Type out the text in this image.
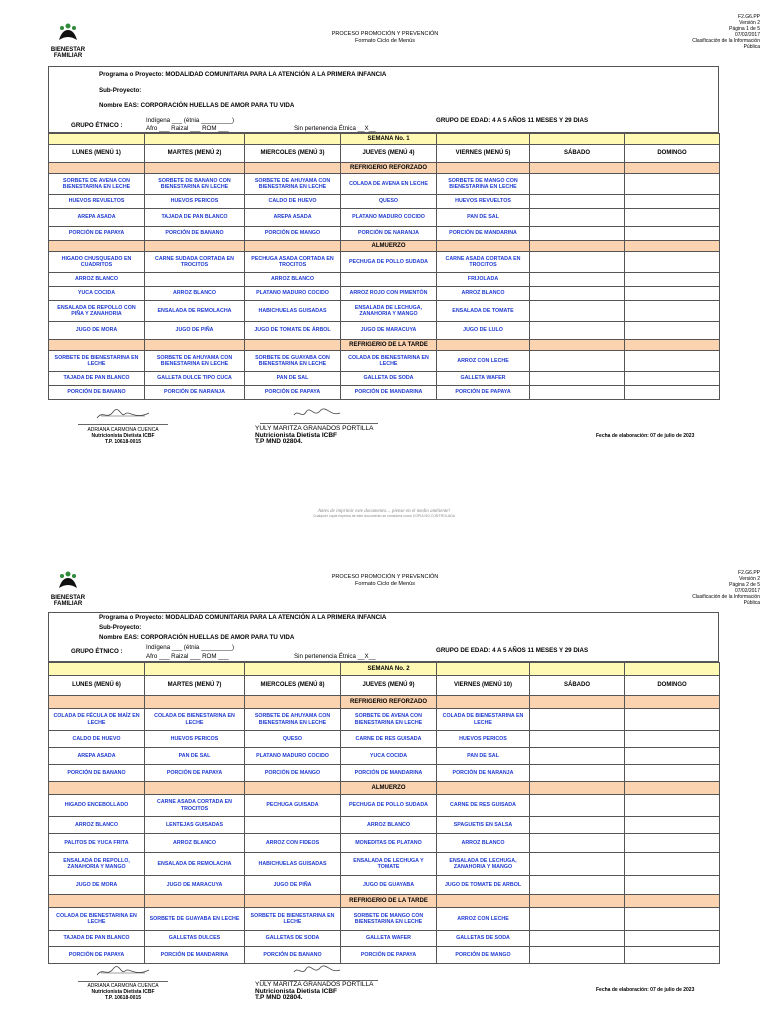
BIENESTAR
FAMILIAR
PROCESO PROMOCIÓN Y PREVENCIÓN
Formato Ciclo de Menús
F2.G6.PP
Versión 2
Página 1 de 5
07/02/2017
Clasificación de la Información
Pública
Programa o Proyecto: MODALIDAD COMUNITARIA PARA LA ATENCIÓN A LA PRIMERA INFANCIA
Sub-Proyecto:
Nombre EAS: CORPORACIÓN HUELLAS DE AMOR PARA TU VIDA
GRUPO ÉTNICO :
Indígena ___ (étnia _________)
Afro ___ Raizal ___ ROM ___	Sin pertenencia Étnica __X__
GRUPO DE EDAD: 4 A 5 AÑOS 11 MESES Y 29 DIAS
			SEMANA No. 1			
LUNES (MENÚ 1)	MARTES (MENÚ 2)	MIERCOLES (MENÚ 3)	JUEVES (MENÚ 4)	VIERNES (MENÚ 5)	SÁBADO	DOMINGO
			REFRIGERIO REFORZADO			
SORBETE DE AVENA CON BIENESTARINA EN LECHE	SORBETE DE BANANO CON BIENESTARINA EN LECHE	SORBETE DE AHUYAMA CON BIENESTARINA EN LECHE	COLADA DE AVENA EN LECHE	SORBETE DE MANGO CON BIENESTARINA EN LECHE		
HUEVOS REVUELTOS	HUEVOS PERICOS	CALDO DE HUEVO	QUESO	HUEVOS REVUELTOS		
AREPA ASADA	TAJADA DE PAN BLANCO	AREPA ASADA	PLATANO MADURO COCIDO	PAN DE SAL		
PORCIÓN DE PAPAYA	PORCIÓN DE BANANO	PORCIÓN DE MANGO	PORCIÓN DE NARANJA	PORCIÓN DE MANDARINA		
			ALMUERZO			
HIGADO CHUSQUEADO EN CUADRITOS	CARNE SUDADA CORTADA EN TROCITOS	PECHUGA ASADA CORTADA EN TROCITOS	PECHUGA DE POLLO SUDADA	CARNE ASADA CORTADA EN TROCITOS		
ARROZ BLANCO		ARROZ BLANCO		FRIJOLADA		
YUCA COCIDA	ARROZ BLANCO	PLATANO MADURO COCIDO	ARROZ ROJO CON PIMENTÓN	ARROZ BLANCO		
ENSALADA DE REPOLLO CON PIÑA Y ZANAHORIA	ENSALADA DE REMOLACHA	HABICHUELAS GUISADAS	ENSALADA DE LECHUGA, ZANAHORIA Y MANGO	ENSALADA DE TOMATE		
JUGO DE MORA	JUGO DE PIÑA	JUGO DE TOMATE DE ÁRBOL	JUGO DE MARACUYA	JUGO DE LULO		
			REFRIGERIO DE LA TARDE			
SORBETE DE BIENESTARINA EN LECHE	SORBETE DE AHUYAMA CON BIENESTARINA EN LECHE	SORBETE DE GUAYABA CON BIENESTARINA EN LECHE	COLADA DE BIENESTARINA EN LECHE	ARROZ CON LECHE		
TAJADA DE PAN BLANCO	GALLETA DULCE TIPO CUCA	PAN DE SAL	GALLETA DE SODA	GALLETA WAFER		
PORCIÓN DE BANANO	PORCIÓN DE NARANJA	PORCIÓN DE PAPAYA	PORCIÓN DE MANDARINA	PORCIÓN DE PAPAYA		
ADRIANA CARMONA CUENCA
Nutricionista Dietista ICBF
T.P. 10618-0015
YULY MARITZA GRANADOS PORTILLA
Nutricionista Dietista ICBF
T.P MND 02804.
Fecha de elaboración: 07 de julio de 2023
Antes de imprimir este documento… piense en el medio ambiente!
Cualquier copia impresa de este documento se considera como COPIA NO CONTROLADA
BIENESTAR
FAMILIAR
PROCESO PROMOCIÓN Y PREVENCIÓN
Formato Ciclo de Menús
F2.G6.PP
Versión 2
Página 2 de 5
07/02/2017
Clasificación de la Información
Pública
Programa o Proyecto: MODALIDAD COMUNITARIA PARA LA ATENCIÓN A LA PRIMERA INFANCIA
Sub-Proyecto:
Nombre EAS: CORPORACIÓN HUELLAS DE AMOR PARA TU VIDA
GRUPO ÉTNICO :
Indígena ___ (étnia _________)
Afro ___ Raizal ___ ROM ___	Sin pertenencia Étnica __X__
GRUPO DE EDAD: 4 A 5 AÑOS 11 MESES Y 29 DIAS
			SEMANA No. 2			
LUNES (MENÚ 6)	MARTES (MENÚ 7)	MIERCOLES (MENÚ 8)	JUEVES (MENÚ 9)	VIERNES (MENÚ 10)	SÁBADO	DOMINGO
			REFRIGERIO REFORZADO			
COLADA DE FÉCULA DE MAÍZ EN LECHE	COLADA DE BIENESTARINA EN LECHE	SORBETE DE AHUYAMA CON BIENESTARINA EN LECHE	SORBETE DE AVENA CON BIENESTARINA EN LECHE	COLADA DE BIENESTARINA EN LECHE		
CALDO DE HUEVO	HUEVOS PERICOS	QUESO	CARNE DE RES GUISADA	HUEVOS PERICOS		
AREPA ASADA	PAN DE SAL	PLATANO MADURO COCIDO	YUCA COCIDA	PAN DE SAL		
PORCIÓN DE BANANO	PORCIÓN DE PAPAYA	PORCIÓN DE MANGO	PORCIÓN DE MANDARINA	PORCIÓN DE NARANJA		
			ALMUERZO			
HIGADO ENCEBOLLADO	CARNE ASADA CORTADA EN TROCITOS	PECHUGA GUISADA	PECHUGA DE POLLO SUDADA	CARNE DE RES GUISADA		
ARROZ BLANCO	LENTEJAS GUISADAS		ARROZ BLANCO	SPAGUETIS EN SALSA		
PALITOS DE YUCA FRITA	ARROZ BLANCO	ARROZ CON FIDEOS	MONEDITAS DE PLATANO	ARROZ BLANCO		
ENSALADA DE REPOLLO, ZANAHORIA Y MANGO	ENSALADA DE REMOLACHA	HABICHUELAS GUISADAS	ENSALADA DE LECHUGA Y TOMATE	ENSALADA DE LECHUGA, ZANAHORIA Y MANGO		
JUGO DE MORA	JUGO DE MARACUYA	JUGO DE PIÑA	JUGO DE GUAYABA	JUGO DE TOMATE DE ARBOL		
			REFRIGERIO DE LA TARDE			
COLADA DE BIENESTARINA EN LECHE	SORBETE DE GUAYABA EN LECHE	SORBETE DE BIENESTARINA EN LECHE	SORBETE DE MANGO CON BIENESTARINA EN LECHE	ARROZ CON LECHE		
TAJADA DE PAN BLANCO	GALLETAS DULCES	GALLETAS DE SODA	GALLETA WAFER	GALLETAS DE SODA		
PORCIÓN DE PAPAYA	PORCIÓN DE MANDARINA	PORCIÓN DE BANANO	PORCIÓN DE PAPAYA	PORCIÓN DE MANGO		
ADRIANA CARMONA CUENCA
Nutricionista Dietista ICBF
T.P. 10618-0015
YULY MARITZA GRANADOS PORTILLA
Nutricionista Dietista ICBF
T.P MND 02804.
Fecha de elaboración: 07 de julio de 2023
